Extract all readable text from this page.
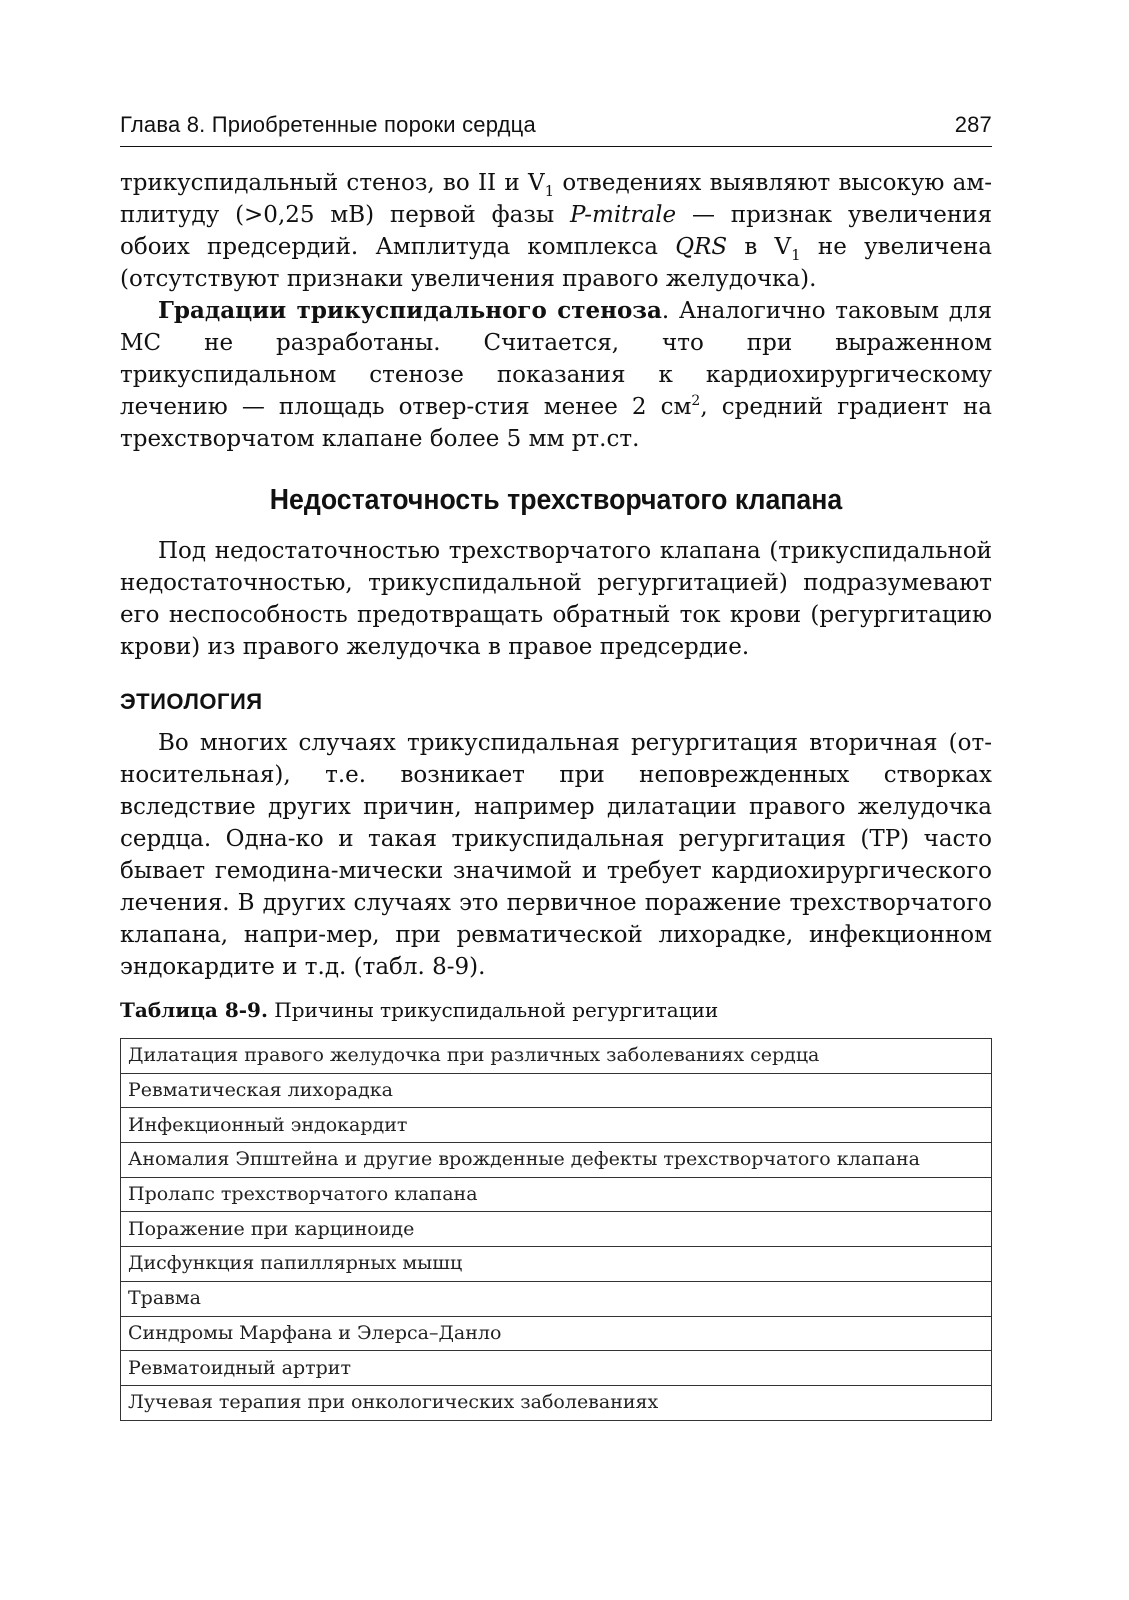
Глава 8. Приобретенные пороки сердца	287

трикуспидальный стеноз, во II и $V_1$ отведениях выявляют высокую ам-плитуду (>0,25 мВ) первой фазы P-mitrale — признак увеличения обоих предсердий. Амплитуда комплекса QRS в $V_1$ не увеличена (отсутствуют признаки увеличения правого желудочка).

Градации трикуспидального стеноза. Аналогично таковым для МС не разработаны. Считается, что при выраженном трикуспидальном стенозе показания к кардиохирургическому лечению — площадь отвер-стия менее 2 $см^2$, средний градиент на трехстворчатом клапане более 5 мм рт.ст.

Недостаточность трехстворчатого клапана

Под недостаточностью трехстворчатого клапана (трикуспидальной недостаточностью, трикуспидальной регургитацией) подразумевают его неспособность предотвращать обратный ток крови (регургитацию крови) из правого желудочка в правое предсердие.

ЭТИОЛОГИЯ

Во многих случаях трикуспидальная регургитация вторичная (от-носительная), т.е. возникает при неповрежденных створках вследствие других причин, например дилатации правого желудочка сердца. Одна-ко и такая трикуспидальная регургитация (ТР) часто бывает гемодина-мически значимой и требует кардиохирургического лечения. В других случаях это первичное поражение трехстворчатого клапана, напри-мер, при ревматической лихорадке, инфекционном эндокардите и т.д. (табл. 8-9).

Таблица 8-9. Причины трикуспидальной регургитации
Дилатация правого желудочка при различных заболеваниях сердца
Ревматическая лихорадка
Инфекционный эндокардит
Аномалия Эпштейна и другие врожденные дефекты трехстворчатого клапана
Пролапс трехстворчатого клапана
Поражение при карциноиде
Дисфункция папиллярных мышц
Травма
Синдромы Марфана и Элерса–Данло
Ревматоидный артрит
Лучевая терапия при онкологических заболеваниях
